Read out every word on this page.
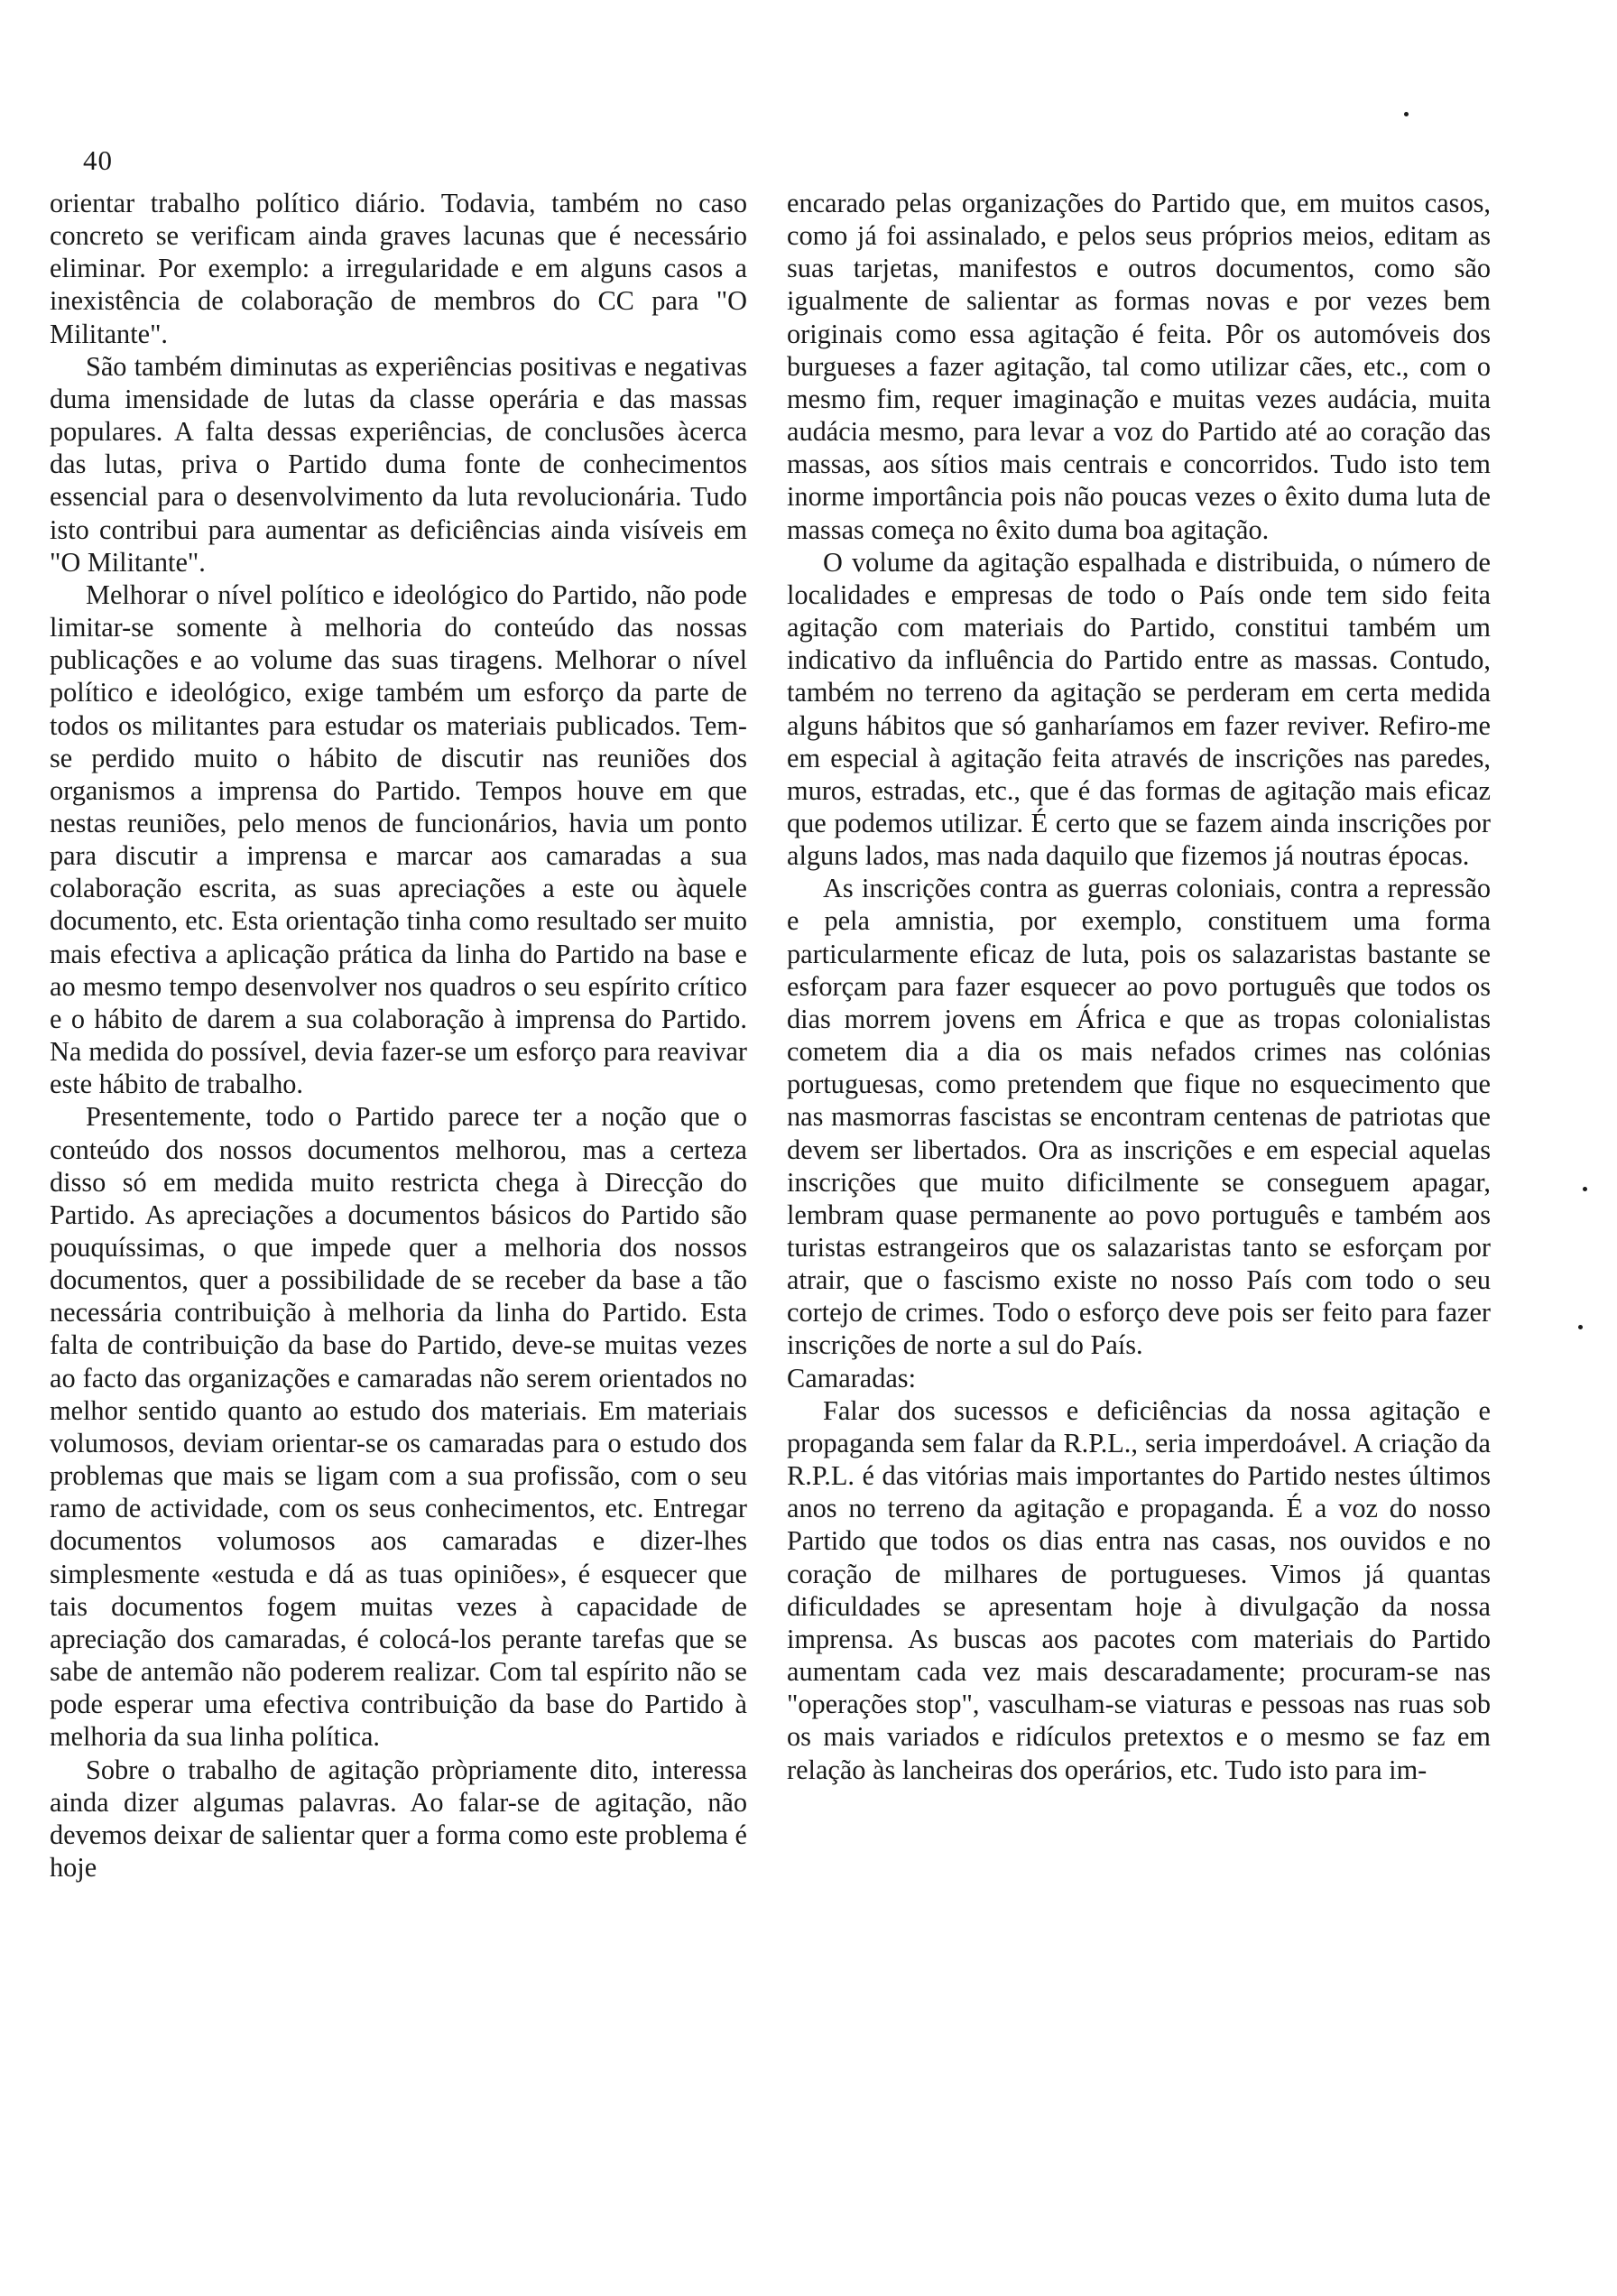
40

orientar trabalho político diário. Todavia, também no caso concreto se verificam ainda graves lacunas que é necessário eliminar. Por exemplo: a irregularidade e em alguns casos a inexistência de colaboração de membros do CC para "O Militante".

São também diminutas as experiências positivas e negativas duma imensidade de lutas da classe operária e das massas populares. A falta dessas experiências, de conclusões àcerca das lutas, priva o Partido duma fonte de conhecimentos essencial para o desenvolvimento da luta revolucionária. Tudo isto contribui para aumentar as deficiências ainda visíveis em "O Militante".

Melhorar o nível político e ideológico do Partido, não pode limitar-se somente à melhoria do conteúdo das nossas publicações e ao volume das suas tiragens. Melhorar o nível político e ideológico, exige também um esforço da parte de todos os militantes para estudar os materiais publicados. Tem-se perdido muito o hábito de discutir nas reuniões dos organismos a imprensa do Partido. Tempos houve em que nestas reuniões, pelo menos de funcionários, havia um ponto para discutir a imprensa e marcar aos camaradas a sua colaboração escrita, as suas apreciações a este ou àquele documento, etc. Esta orientação tinha como resultado ser muito mais efectiva a aplicação prática da linha do Partido na base e ao mesmo tempo desenvolver nos quadros o seu espírito crítico e o hábito de darem a sua colaboração à imprensa do Partido. Na medida do possível, devia fazer-se um esforço para reavivar este hábito de trabalho.

Presentemente, todo o Partido parece ter a noção que o conteúdo dos nossos documentos melhorou, mas a certeza disso só em medida muito restricta chega à Direcção do Partido. As apreciações a documentos básicos do Partido são pouquíssimas, o que impede quer a melhoria dos nossos documentos, quer a possibilidade de se receber da base a tão necessária contribuição à melhoria da linha do Partido. Esta falta de contribuição da base do Partido, deve-se muitas vezes ao facto das organizações e camaradas não serem orientados no melhor sentido quanto ao estudo dos materiais. Em materiais volumosos, deviam orientar-se os camaradas para o estudo dos problemas que mais se ligam com a sua profissão, com o seu ramo de actividade, com os seus conhecimentos, etc. Entregar documentos volumosos aos camaradas e dizer-lhes simplesmente «estuda e dá as tuas opiniões», é esquecer que tais documentos fogem muitas vezes à capacidade de apreciação dos camaradas, é colocá-los perante tarefas que se sabe de antemão não poderem realizar. Com tal espírito não se pode esperar uma efectiva contribuição da base do Partido à melhoria da sua linha política.

Sobre o trabalho de agitação pròpriamente dito, interessa ainda dizer algumas palavras. Ao falar-se de agitação, não devemos deixar de salientar quer a forma como este problema é hoje

encarado pelas organizações do Partido que, em muitos casos, como já foi assinalado, e pelos seus próprios meios, editam as suas tarjetas, manifestos e outros documentos, como são igualmente de salientar as formas novas e por vezes bem originais como essa agitação é feita. Pôr os automóveis dos burgueses a fazer agitação, tal como utilizar cães, etc., com o mesmo fim, requer imaginação e muitas vezes audácia, muita audácia mesmo, para levar a voz do Partido até ao coração das massas, aos sítios mais centrais e concorridos. Tudo isto tem inorme importância pois não poucas vezes o êxito duma luta de massas começa no êxito duma boa agitação.

O volume da agitação espalhada e distribuida, o número de localidades e empresas de todo o País onde tem sido feita agitação com materiais do Partido, constitui também um indicativo da influência do Partido entre as massas. Contudo, também no terreno da agitação se perderam em certa medida alguns hábitos que só ganharíamos em fazer reviver. Refiro-me em especial à agitação feita através de inscrições nas paredes, muros, estradas, etc., que é das formas de agitação mais eficaz que podemos utilizar. É certo que se fazem ainda inscrições por alguns lados, mas nada daquilo que fizemos já noutras épocas.

As inscrições contra as guerras coloniais, contra a repressão e pela amnistia, por exemplo, constituem uma forma particularmente eficaz de luta, pois os salazaristas bastante se esforçam para fazer esquecer ao povo português que todos os dias morrem jovens em África e que as tropas colonialistas cometem dia a dia os mais nefados crimes nas colónias portuguesas, como pretendem que fique no esquecimento que nas masmorras fascistas se encontram centenas de patriotas que devem ser libertados. Ora as inscrições e em especial aquelas inscrições que muito dificilmente se conseguem apagar, lembram quase permanente ao povo português e também aos turistas estrangeiros que os salazaristas tanto se esforçam por atrair, que o fascismo existe no nosso País com todo o seu cortejo de crimes. Todo o esforço deve pois ser feito para fazer inscrições de norte a sul do País.

Camaradas:

Falar dos sucessos e deficiências da nossa agitação e propaganda sem falar da R.P.L., seria imperdoável. A criação da R.P.L. é das vitórias mais importantes do Partido nestes últimos anos no terreno da agitação e propaganda. É a voz do nosso Partido que todos os dias entra nas casas, nos ouvidos e no coração de milhares de portugueses. Vimos já quantas dificuldades se apresentam hoje à divulgação da nossa imprensa. As buscas aos pacotes com materiais do Partido aumentam cada vez mais descaradamente; procuram-se nas "operações stop", vasculham-se viaturas e pessoas nas ruas sob os mais variados e ridículos pretextos e o mesmo se faz em relação às lancheiras dos operários, etc. Tudo isto para im-
